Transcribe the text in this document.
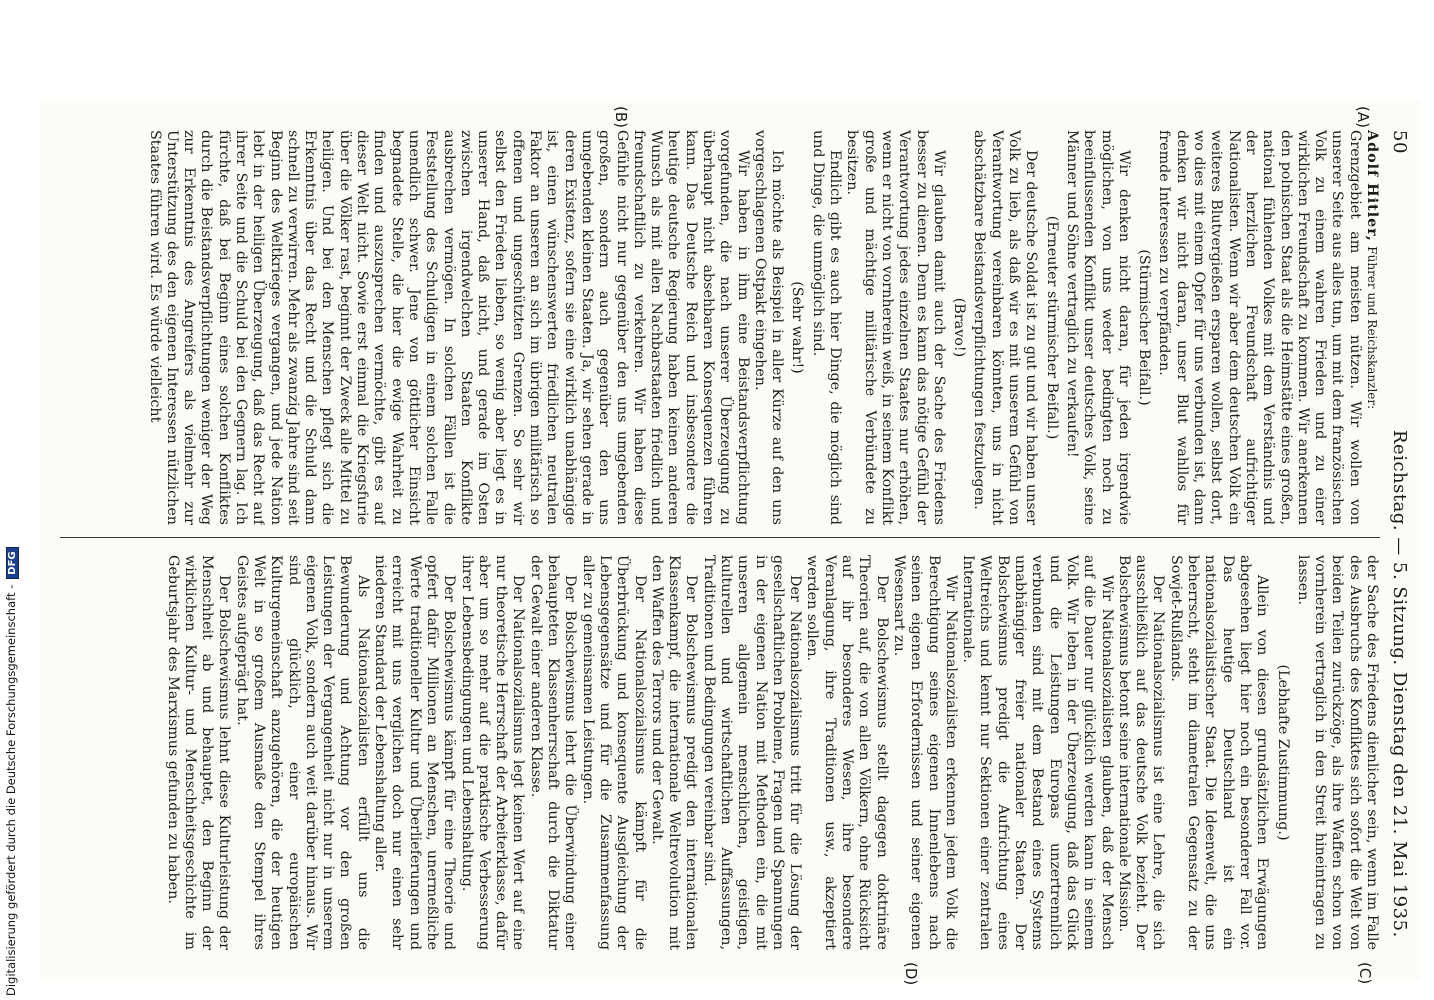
50
Reichstag. — 5. Sitzung. Dienstag den 21. Mai 1935.
(A)
(B)
(C)
(D)

Adolf Hitler, Führer und Reichskanzler:

Grenzgebiet am meisten nützen. Wir wollen von unserer Seite aus alles tun, um mit dem französischen Volk zu einem wahren Frieden und zu einer wirklichen Freundschaft zu kommen. Wir anerkennen den polnischen Staat als die Heimstätte eines großen, national fühlenden Volkes mit dem Verständnis und der herzlichen Freundschaft aufrichtiger Nationalisten. Wenn wir aber dem deutschen Volk ein weiteres Blutvergießen ersparen wollen, selbst dort, wo dies mit einem Opfer für uns verbunden ist, dann denken wir nicht daran, unser Blut wahllos für fremde Interessen zu verpfänden.

(Stürmischer Beifall.)

Wir denken nicht daran, für jeden irgendwie möglichen, von uns weder bedingten noch zu beeinflussenden Konflikt unser deutsches Volk, seine Männer und Söhne vertraglich zu verkaufen!

(Erneuter stürmischer Beifall.)

Der deutsche Soldat ist zu gut und wir haben unser Volk zu lieb, als daß wir es mit unserem Gefühl von Verantwortung vereinbaren könnten, uns in nicht abschätzbare Beistandsverpflichtungen festzulegen.

(Bravo!)

Wir glauben damit auch der Sache des Friedens besser zu dienen. Denn es kann das nötige Gefühl der Verantwortung jedes einzelnen Staates nur erhöhen, wenn er nicht von vornherein weiß, in seinem Konflikt große und mächtige militärische Verbündete zu besitzen.

Endlich gibt es auch hier Dinge, die möglich sind und Dinge, die unmöglich sind.

(Sehr wahr!)

Ich möchte als Beispiel in aller Kürze auf den uns vorgeschlagenen Ostpakt eingehen.

Wir haben in ihm eine Beistandsverpflichtung vorgefunden, die nach unserer Überzeugung zu überhaupt nicht absehbaren Konsequenzen führen kann. Das Deutsche Reich und insbesondere die heutige deutsche Regierung haben keinen anderen Wunsch als mit allen Nachbarstaaten friedlich und freundschaftlich zu verkehren. Wir haben diese Gefühle nicht nur gegenüber den uns umgebenden großen, sondern auch gegenüber den uns umgebenden kleinen Staaten. Ja, wir sehen gerade in deren Existenz, sofern sie eine wirklich unabhängige ist, einen wünschenswerten friedlichen neutralen Faktor an unseren an sich im übrigen militärisch so offenen und ungeschützten Grenzen. So sehr wir selbst den Frieden lieben, so wenig aber liegt es in unserer Hand, daß nicht, und gerade im Osten zwischen irgendwelchen Staaten Konflikte ausbrechen vermögen. In solchen Fällen ist die Feststellung des Schuldigen in einem solchen Falle unendlich schwer. Jene von göttlicher Einsicht begnadete Stelle, die hier die ewige Wahrheit zu finden und auszusprechen vermöchte, gibt es auf dieser Welt nicht. Sowie erst einmal die Kriegsfurie über die Völker rast, beginnt der Zweck alle Mittel zu heiligen. Und bei den Menschen pflegt sich die Erkenntnis über das Recht und die Schuld dann schnell zu verwirren. Mehr als zwanzig Jahre sind seit Beginn des Weltkrieges vergangen, und jede Nation lebt in der heiligen Überzeugung, daß das Recht auf ihrer Seite und die Schuld bei den Gegnern lag. Ich fürchte, daß bei Beginn eines solchen Konfliktes durch die Beistandsverpflichtungen weniger der Weg zur Erkenntnis des Angreifers als vielmehr zur Unterstützung des den eigenen Interessen nützlichen Staates führen wird. Es würde vielleicht

der Sache des Friedens dienlicher sein, wenn im Falle des Ausbruchs des Konfliktes sich sofort die Welt von beiden Teilen zurückzöge, als ihre Waffen schon von vornherein vertraglich in den Streit hineintragen zu lassen.

(Lebhafte Zustimmung.)

Allein von diesen grundsätzlichen Erwägungen abgesehen liegt hier noch ein besonderer Fall vor. Das heutige Deutschland ist ein nationalsozialistischer Staat. Die Ideenwelt, die uns beherrscht, steht im diametralen Gegensatz zu der Sowjet-Rußlands.

Der Nationalsozialismus ist eine Lehre, die sich ausschließlich auf das deutsche Volk bezieht. Der Bolschewismus betont seine internationale Mission.

Wir Nationalsozialisten glauben, daß der Mensch auf die Dauer nur glücklich werden kann in seinem Volk. Wir leben in der Überzeugung, daß das Glück und die Leistungen Europas unzertrennlich verbunden sind mit dem Bestand eines Systems unabhängiger freier nationaler Staaten. Der Bolschewismus predigt die Aufrichtung eines Weltreichs und kennt nur Sektionen einer zentralen Internationale.

Wir Nationalsozialisten erkennen jedem Volk die Berechtigung seines eigenen Innenlebens nach seinen eigenen Erfordernissen und seiner eigenen Wesensart zu.

Der Bolschewismus stellt dagegen doktrinäre Theorien auf, die von allen Völkern, ohne Rücksicht auf ihr besonderes Wesen, ihre besondere Veranlagung, ihre Traditionen usw., akzeptiert werden sollen.

Der Nationalsozialismus tritt für die Lösung der gesellschaftlichen Probleme, Fragen und Spannungen in der eigenen Nation mit Methoden ein, die mit unseren allgemein menschlichen, geistigen, kulturellen und wirtschaftlichen Auffassungen, Traditionen und Bedingungen vereinbar sind.

Der Bolschewismus predigt den internationalen Klassenkampf, die internationale Weltrevolution mit den Waffen des Terrors und der Gewalt.

Der Nationalsozialismus kämpft für die Überbrückung und konsequente Ausgleichung der Lebensgegensätze und für die Zusammenfassung aller zu gemeinsamen Leistungen.

Der Bolschewismus lehrt die Überwindung einer behaupteten Klassenherrschaft durch die Diktatur der Gewalt einer anderen Klasse.

Der Nationalsozialismus legt keinen Wert auf eine nur theoretische Herrschaft der Arbeiterklasse, dafür aber um so mehr auf die praktische Verbesserung ihrer Lebensbedingungen und Lebenshaltung.

Der Bolschewismus kämpft für eine Theorie und opfert dafür Millionen an Menschen, unermeßliche Werte traditioneller Kultur und Überlieferungen und erreicht mit uns verglichen doch nur einen sehr niederen Standard der Lebenshaltung aller.

Als Nationalsozialisten erfüllt uns die Bewunderung und Achtung vor den großen Leistungen der Vergangenheit nicht nur in unserem eigenen Volk, sondern auch weit darüber hinaus. Wir sind glücklich, einer europäischen Kulturgemeinschaft anzugehören, die der heutigen Welt in so großem Ausmaße den Stempel ihres Geistes aufgeprägt hat.

Der Bolschewismus lehnt diese Kulturleistung der Menschheit ab und behauptet, den Beginn der wirklichen Kultur- und Menschheitsgeschichte im Geburtsjahr des Marxismus gefunden zu haben.

Digitalisierung gefördert durch die Deutsche Forschungsgemeinschaft -DFG
